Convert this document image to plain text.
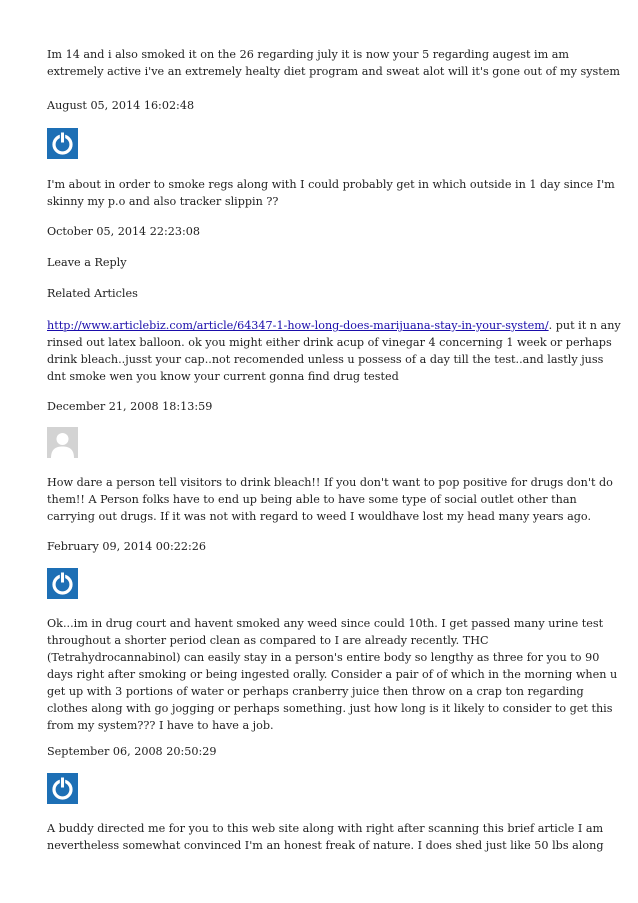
Im 14 and i also smoked it on the 26 regarding july it is now your 5 regarding augest im am
extremely active i've an extremely healty diet program and sweat alot will it's gone out of my system

August 05, 2014 16:02:48

I'm about in order to smoke regs along with I could probably get in which outside in 1 day since I'm
skinny my p.o and also tracker slippin ??

October 05, 2014 22:23:08

Leave a Reply

Related Articles

http://www.articlebiz.com/article/64347-1-how-long-does-marijuana-stay-in-your-system/. put it n any
rinsed out latex balloon. ok you might either drink acup of vinegar 4 concerning 1 week or perhaps
drink bleach..jusst your cap..not recomended unless u possess of a day till the test..and lastly juss
dnt smoke wen you know your current gonna find drug tested

December 21, 2008 18:13:59

How dare a person tell visitors to drink bleach!! If you don't want to pop positive for drugs don't do
them!! A Person folks have to end up being able to have some type of social outlet other than
carrying out drugs. If it was not with regard to weed I wouldhave lost my head many years ago.

February 09, 2014 00:22:26

Ok...im in drug court and havent smoked any weed since could 10th. I get passed many urine test
throughout a shorter period clean as compared to I are already recently. THC
(Tetrahydrocannabinol) can easily stay in a person's entire body so lengthy as three for you to 90
days right after smoking or being ingested orally. Consider a pair of of which in the morning when u
get up with 3 portions of water or perhaps cranberry juice then throw on a crap ton regarding
clothes along with go jogging or perhaps something. just how long is it likely to consider to get this
from my system??? I have to have a job.

September 06, 2008 20:50:29

A buddy directed me for you to this web site along with right after scanning this brief article I am
nevertheless somewhat convinced I'm an honest freak of nature. I does shed just like 50 lbs along
